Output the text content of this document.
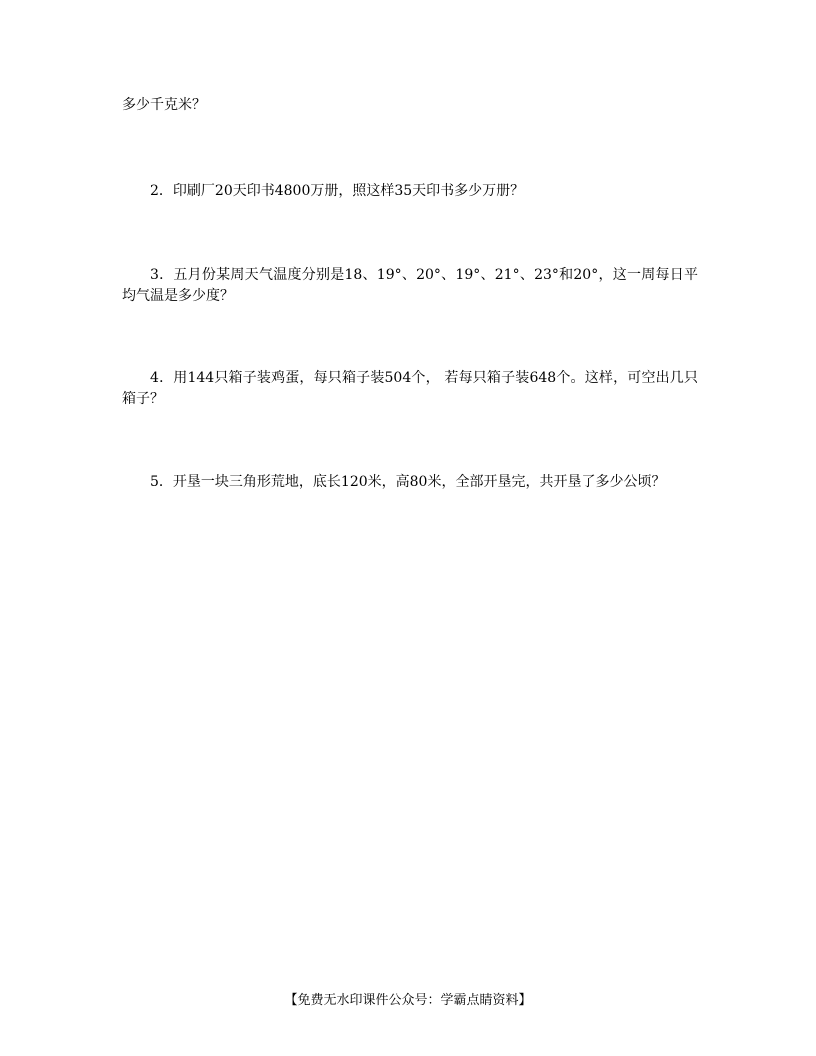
多少千克米？

2．印刷厂20天印书4800万册，照这样35天印书多少万册？

3．五月份某周天气温度分别是18、19°、20°、19°、21°、23°和20°，这一周每日平均气温是多少度？

4．用144只箱子装鸡蛋，每只箱子装504个， 若每只箱子装648个。这样，可空出几只箱子？

5．开垦一块三角形荒地，底长120米，高80米，全部开垦完，共开垦了多少公顷？

【免费无水印课件公众号：学霸点睛资料】
